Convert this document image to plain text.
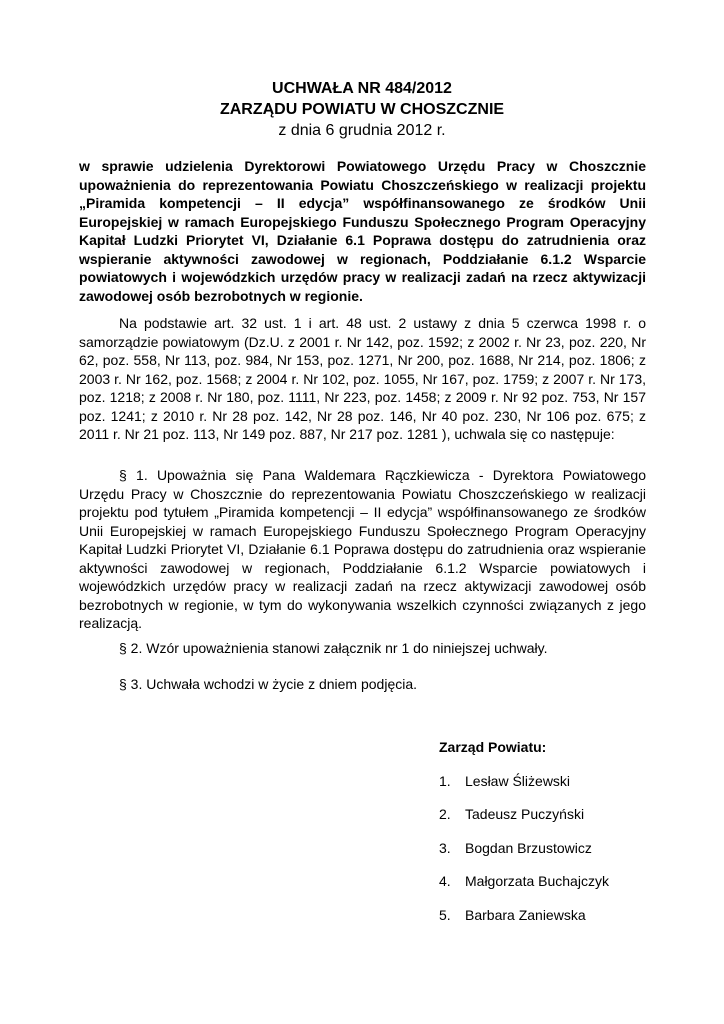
UCHWAŁA NR 484/2012
ZARZĄDU POWIATU W CHOSZCZNIE
z dnia 6 grudnia 2012 r.
w sprawie udzielenia Dyrektorowi Powiatowego Urzędu Pracy w Choszcznie upoważnienia do reprezentowania Powiatu Choszczeńskiego w realizacji projektu „Piramida kompetencji – II edycja” współfinansowanego ze środków Unii Europejskiej w ramach Europejskiego Funduszu Społecznego Program Operacyjny Kapitał Ludzki Priorytet VI, Działanie 6.1 Poprawa dostępu do zatrudnienia oraz wspieranie aktywności zawodowej w regionach, Poddziałanie 6.1.2 Wsparcie powiatowych i wojewódzkich urzędów pracy w realizacji zadań na rzecz aktywizacji zawodowej osób bezrobotnych w regionie.
Na podstawie art. 32 ust. 1 i art. 48 ust. 2 ustawy z dnia 5 czerwca 1998 r. o samorządzie powiatowym (Dz.U. z 2001 r. Nr 142, poz. 1592; z 2002 r. Nr 23, poz. 220, Nr 62, poz. 558, Nr 113, poz. 984, Nr 153, poz. 1271, Nr 200, poz. 1688, Nr 214, poz. 1806; z 2003 r. Nr 162, poz. 1568; z 2004 r. Nr 102, poz. 1055, Nr 167, poz. 1759; z 2007 r. Nr 173, poz. 1218; z 2008 r. Nr 180, poz. 1111, Nr 223, poz. 1458; z 2009 r. Nr 92 poz. 753, Nr 157 poz. 1241; z 2010 r. Nr 28 poz. 142, Nr 28 poz. 146, Nr 40 poz. 230, Nr 106 poz. 675; z 2011 r. Nr 21 poz. 113, Nr 149 poz. 887, Nr 217 poz. 1281 ), uchwala się co następuje:
§ 1. Upoważnia się Pana Waldemara Rączkiewicza - Dyrektora Powiatowego Urzędu Pracy w Choszcznie do reprezentowania Powiatu Choszczeńskiego w realizacji projektu pod tytułem „Piramida kompetencji – II edycja” współfinansowanego ze środków Unii Europejskiej w ramach Europejskiego Funduszu Społecznego Program Operacyjny Kapitał Ludzki Priorytet VI, Działanie 6.1 Poprawa dostępu do zatrudnienia oraz wspieranie aktywności zawodowej w regionach, Poddziałanie 6.1.2 Wsparcie powiatowych i wojewódzkich urzędów pracy w realizacji zadań na rzecz aktywizacji zawodowej osób bezrobotnych w regionie, w tym do wykonywania wszelkich czynności związanych z jego realizacją.
§ 2. Wzór upoważnienia stanowi załącznik nr 1 do niniejszej uchwały.
§ 3. Uchwała wchodzi w życie z dniem podjęcia.
Zarząd Powiatu:
1. Lesław Śliżewski
2. Tadeusz Puczyński
3. Bogdan Brzustowicz
4. Małgorzata Buchajczyk
5. Barbara Zaniewska
